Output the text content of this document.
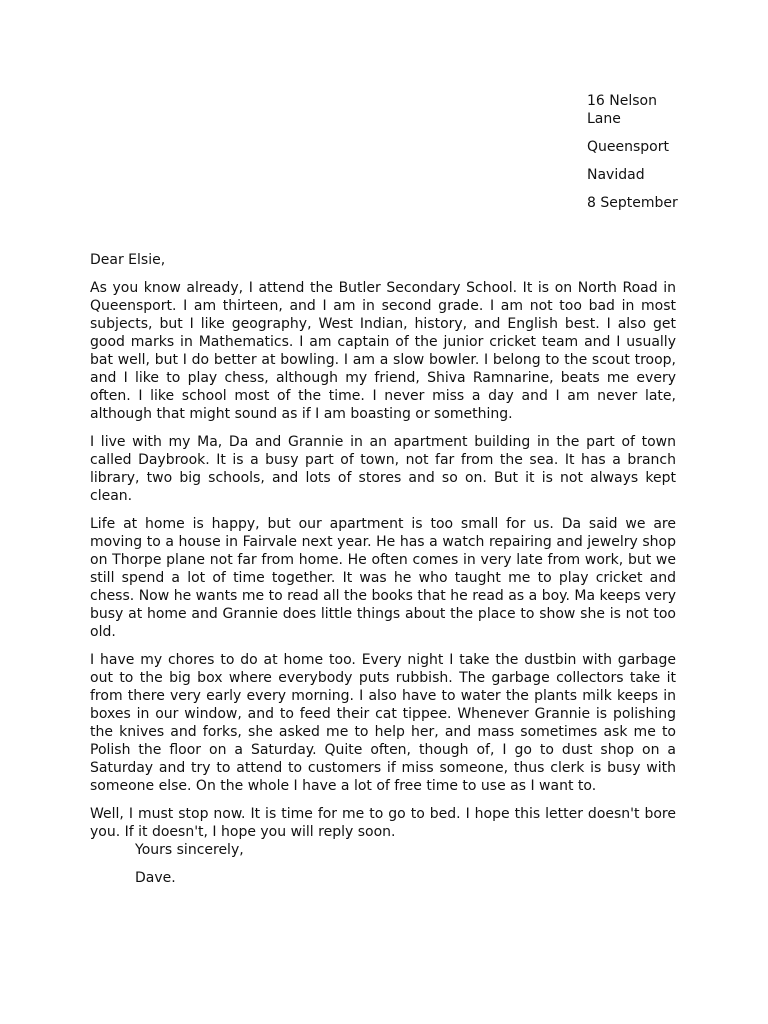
16 Nelson Lane
Queensport
Navidad
8 September
Dear Elsie,

As you know already, I attend the Butler Secondary School. It is on North Road in Queensport. I am thirteen, and I am in second grade. I am not too bad in most subjects, but I like geography, West Indian, history, and English best. I also get good marks in Mathematics. I am captain of the junior cricket team and I usually bat well, but I do better at bowling. I am a slow bowler. I belong to the scout troop, and I like to play chess, although my friend, Shiva Ramnarine, beats me every often. I like school most of the time. I never miss a day and I am never late, although that might sound as if I am boasting or something.

I live with my Ma, Da and Grannie in an apartment building in the part of town called Daybrook. It is a busy part of town, not far from the sea. It has a branch library, two big schools, and lots of stores and so on. But it is not always kept clean.

Life at home is happy, but our apartment is too small for us. Da said we are moving to a house in Fairvale next year. He has a watch repairing and jewelry shop on Thorpe plane not far from home. He often comes in very late from work, but we still spend a lot of time together. It was he who taught me to play cricket and chess. Now he wants me to read all the books that he read as a boy. Ma keeps very busy at home and Grannie does little things about the place to show she is not too old.

I have my chores to do at home too. Every night I take the dustbin with garbage out to the big box where everybody puts rubbish. The garbage collectors take it from there very early every morning. I also have to water the plants milk keeps in boxes in our window, and to feed their cat tippee. Whenever Grannie is polishing the knives and forks, she asked me to help her, and mass sometimes ask me to Polish the floor on a Saturday. Quite often, though of, I go to dust shop on a Saturday and try to attend to customers if miss someone, thus clerk is busy with someone else. On the whole I have a lot of free time to use as I want to.

Well, I must stop now. It is time for me to go to bed. I hope this letter doesn't bore you. If it doesn't, I hope you will reply soon.

Yours sincerely,
Dave.
